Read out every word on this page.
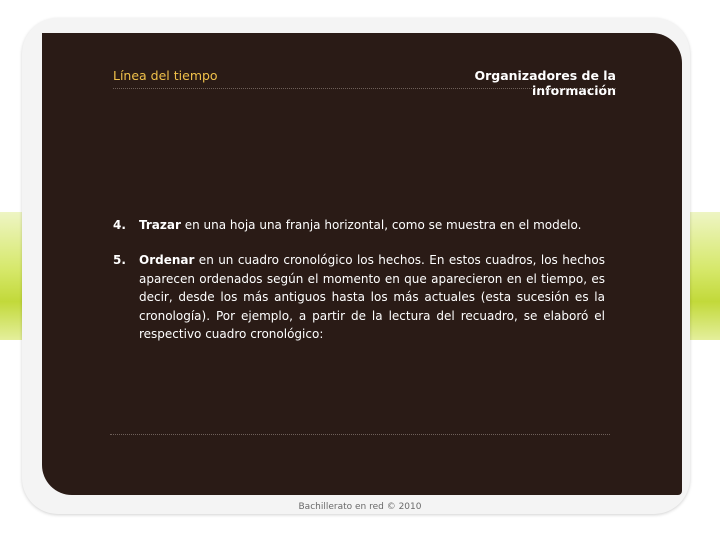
Línea del tiempo	Organizadores de la información
4. Trazar en una hoja una franja horizontal, como se muestra en el modelo.
5. Ordenar en un cuadro cronológico los hechos. En estos cuadros, los hechos aparecen ordenados según el momento en que aparecieron en el tiempo, es decir, desde los más antiguos hasta los más actuales (esta sucesión es la cronología). Por ejemplo, a partir de la lectura del recuadro, se elaboró el respectivo cuadro cronológico:
Bachillerato en red © 2010
